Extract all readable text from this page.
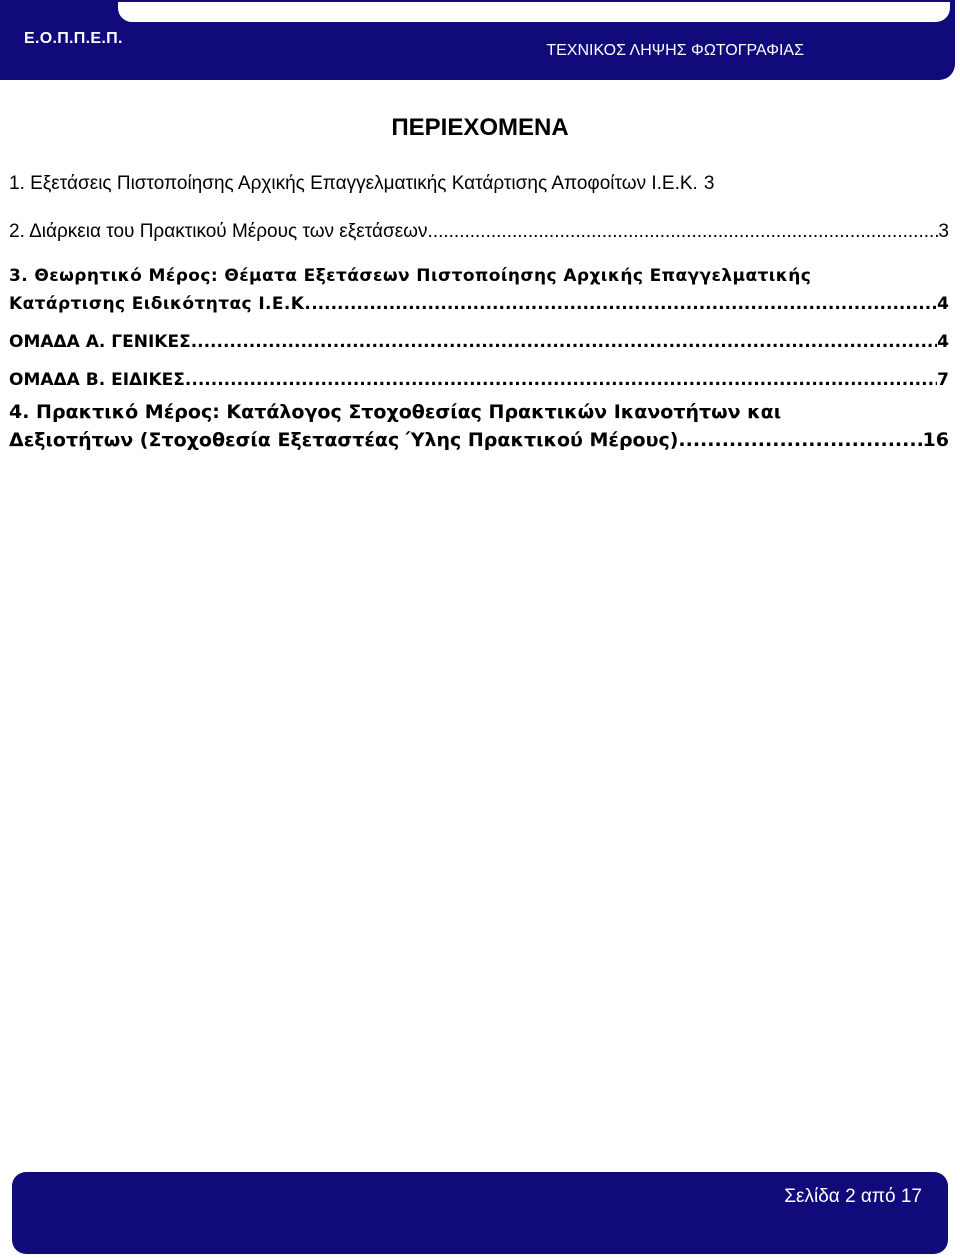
Ε.Ο.Π.Π.Ε.Π.
ΤΕΧΝΙΚΟΣ ΛΗΨΗΣ ΦΩΤΟΓΡΑΦΙΑΣ
ΠΕΡΙΕΧΟΜΕΝΑ
1. Εξετάσεις Πιστοποίησης Αρχικής Επαγγελματικής Κατάρτισης Αποφοίτων Ι.Ε.Κ. 3
2. Διάρκεια του Πρακτικού Μέρους των εξετάσεων .....	3
3. Θεωρητικό Μέρος: Θέματα Εξετάσεων Πιστοποίησης Αρχικής Επαγγελματικής
Κατάρτισης Ειδικότητας Ι.Ε.Κ. .....	4
ΟΜΑΔΑ Α. ΓΕΝΙΚΕΣ .....	4
ΟΜΑΔΑ Β. ΕΙΔΙΚΕΣ .....	7
4. Πρακτικό Μέρος: Κατάλογος Στοχοθεσίας Πρακτικών Ικανοτήτων και
Δεξιοτήτων (Στοχοθεσία Εξεταστέας Ύλης Πρακτικού Μέρους) .....	16
Σελίδα 2 από 17
